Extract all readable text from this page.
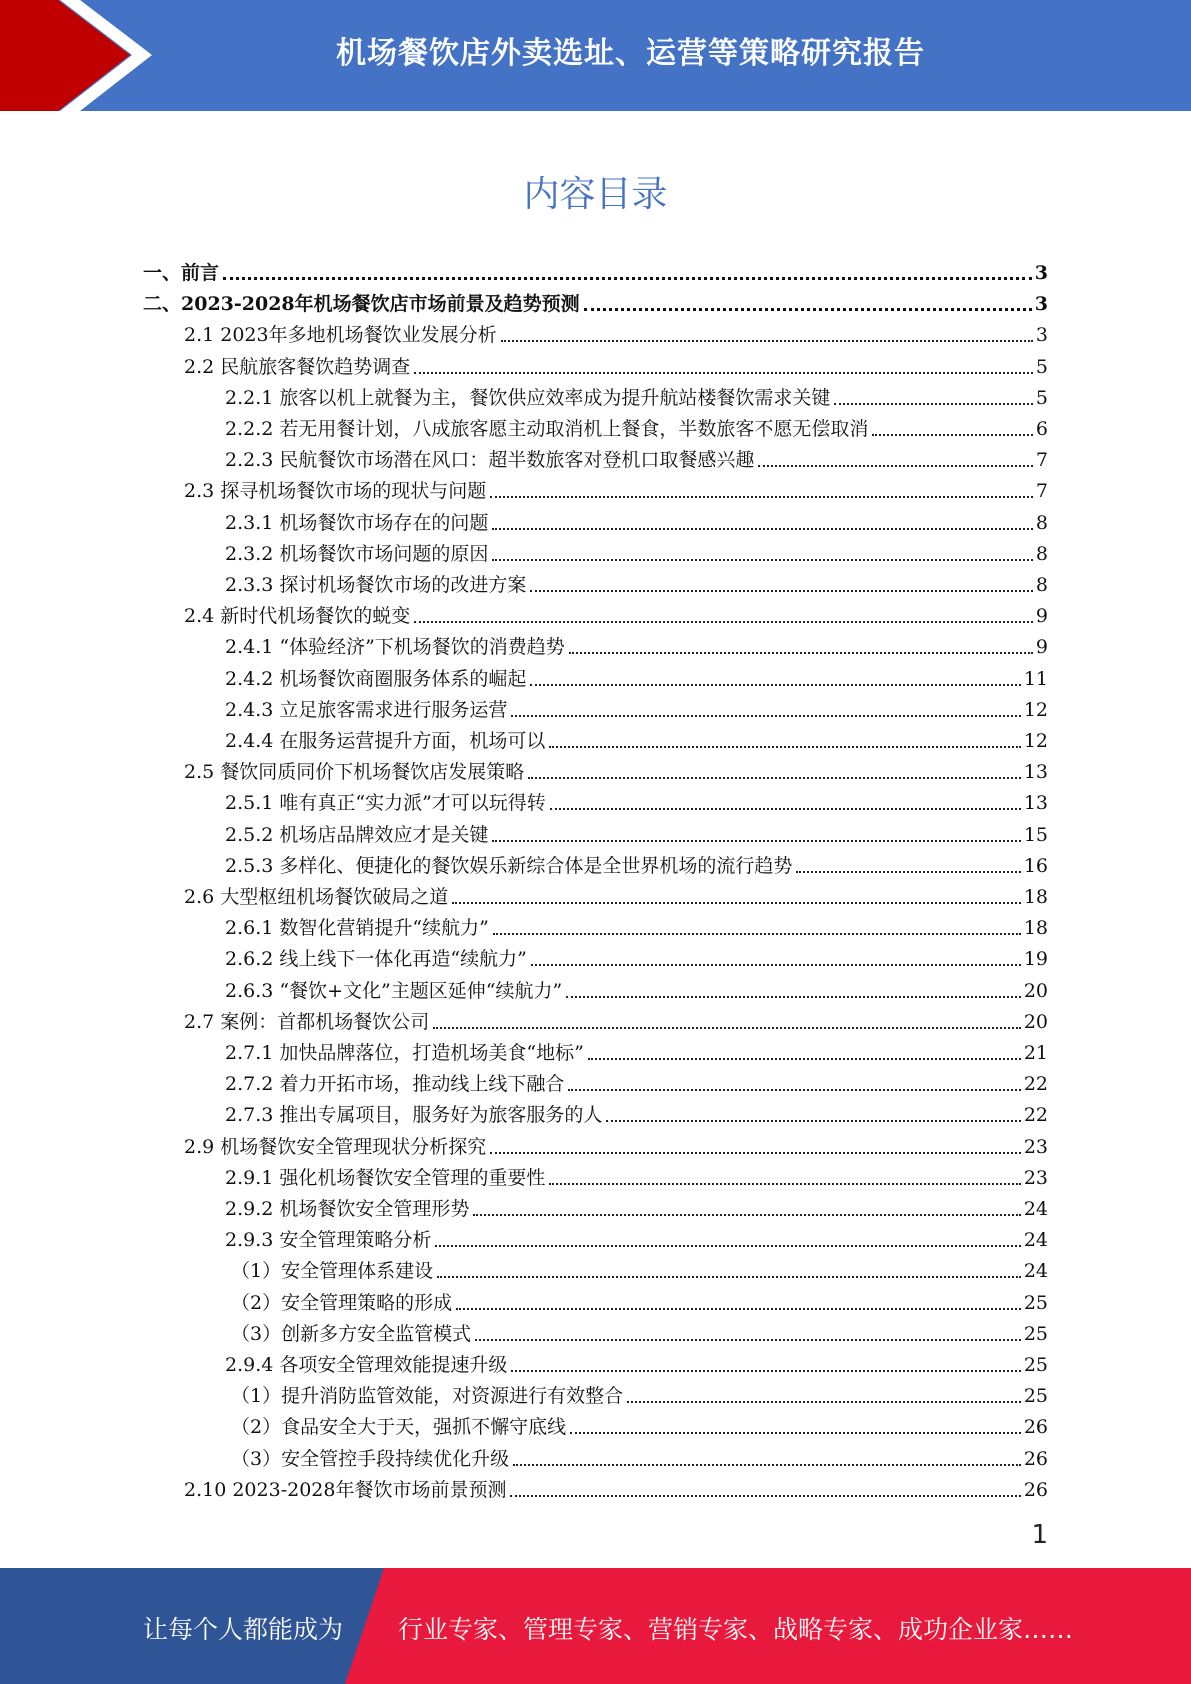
机场餐饮店外卖选址、运营等策略研究报告
内容目录
一、前言	3
二、2023-2028年机场餐饮店市场前景及趋势预测	3
2.1 2023年多地机场餐饮业发展分析	3
2.2 民航旅客餐饮趋势调查	5
2.2.1 旅客以机上就餐为主，餐饮供应效率成为提升航站楼餐饮需求关键	5
2.2.2 若无用餐计划，八成旅客愿主动取消机上餐食，半数旅客不愿无偿取消	6
2.2.3 民航餐饮市场潜在风口：超半数旅客对登机口取餐感兴趣	7
2.3 探寻机场餐饮市场的现状与问题	7
2.3.1 机场餐饮市场存在的问题	8
2.3.2 机场餐饮市场问题的原因	8
2.3.3 探讨机场餐饮市场的改进方案	8
2.4 新时代机场餐饮的蜕变	9
2.4.1 “体验经济”下机场餐饮的消费趋势	9
2.4.2 机场餐饮商圈服务体系的崛起	11
2.4.3 立足旅客需求进行服务运营	12
2.4.4 在服务运营提升方面，机场可以	12
2.5 餐饮同质同价下机场餐饮店发展策略	13
2.5.1 唯有真正“实力派”才可以玩得转	13
2.5.2 机场店品牌效应才是关键	15
2.5.3 多样化、便捷化的餐饮娱乐新综合体是全世界机场的流行趋势	16
2.6 大型枢纽机场餐饮破局之道	18
2.6.1 数智化营销提升“续航力”	18
2.6.2 线上线下一体化再造“续航力”	19
2.6.3 “餐饮+文化”主题区延伸“续航力”	20
2.7 案例：首都机场餐饮公司	20
2.7.1 加快品牌落位，打造机场美食“地标”	21
2.7.2 着力开拓市场，推动线上线下融合	22
2.7.3 推出专属项目，服务好为旅客服务的人	22
2.9 机场餐饮安全管理现状分析探究	23
2.9.1 强化机场餐饮安全管理的重要性	23
2.9.2 机场餐饮安全管理形势	24
2.9.3 安全管理策略分析	24
（1）安全管理体系建设	24
（2）安全管理策略的形成	25
（3）创新多方安全监管模式	25
2.9.4 各项安全管理效能提速升级	25
（1）提升消防监管效能，对资源进行有效整合	25
（2）食品安全大于天，强抓不懈守底线	26
（3）安全管控手段持续优化升级	26
2.10 2023-2028年餐饮市场前景预测	26
1
让每个人都能成为 行业专家、管理专家、营销专家、战略专家、成功企业家……
